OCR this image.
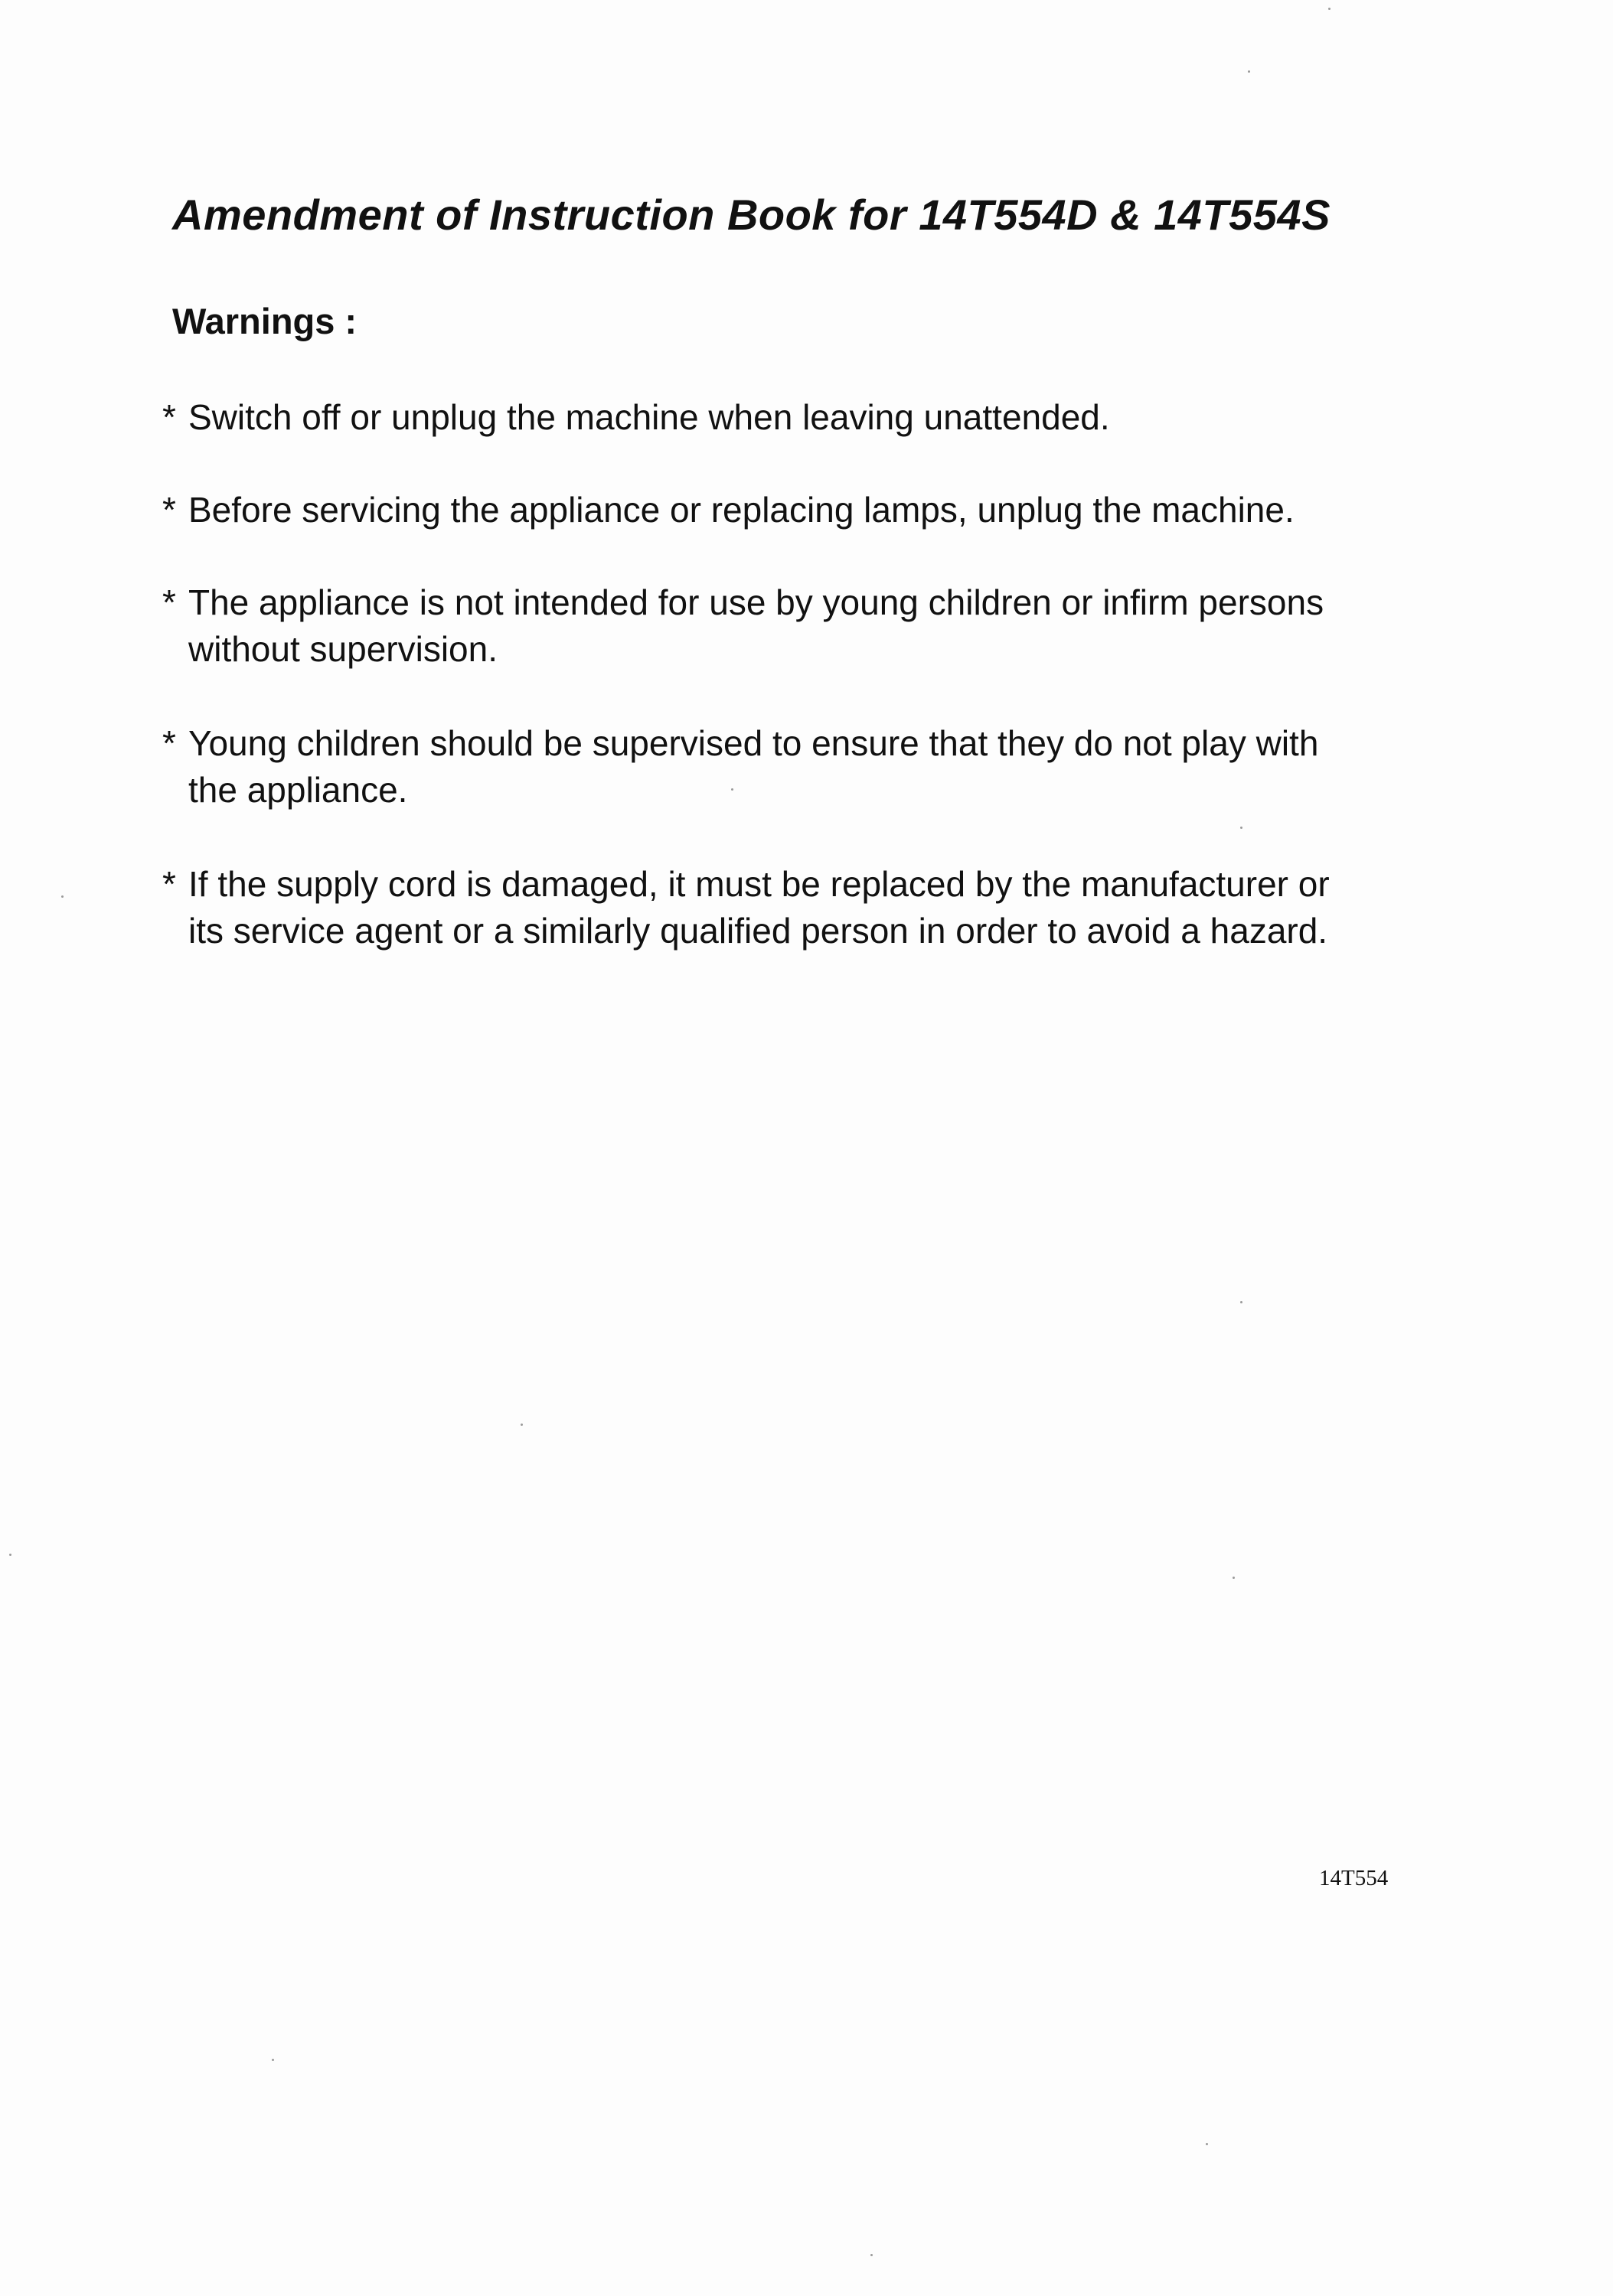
Amendment of Instruction Book for 14T554D & 14T554S
Warnings :
* Switch off or unplug the machine when leaving unattended.
* Before servicing the appliance or replacing lamps, unplug the machine.
* The appliance is not intended for use by young children or infirm persons
without supervision.
* Young children should be supervised to ensure that they do not play with
the appliance.
* If the supply cord is damaged, it must be replaced by the manufacturer or
its service agent or a similarly qualified person in order to avoid a hazard.
14T554
